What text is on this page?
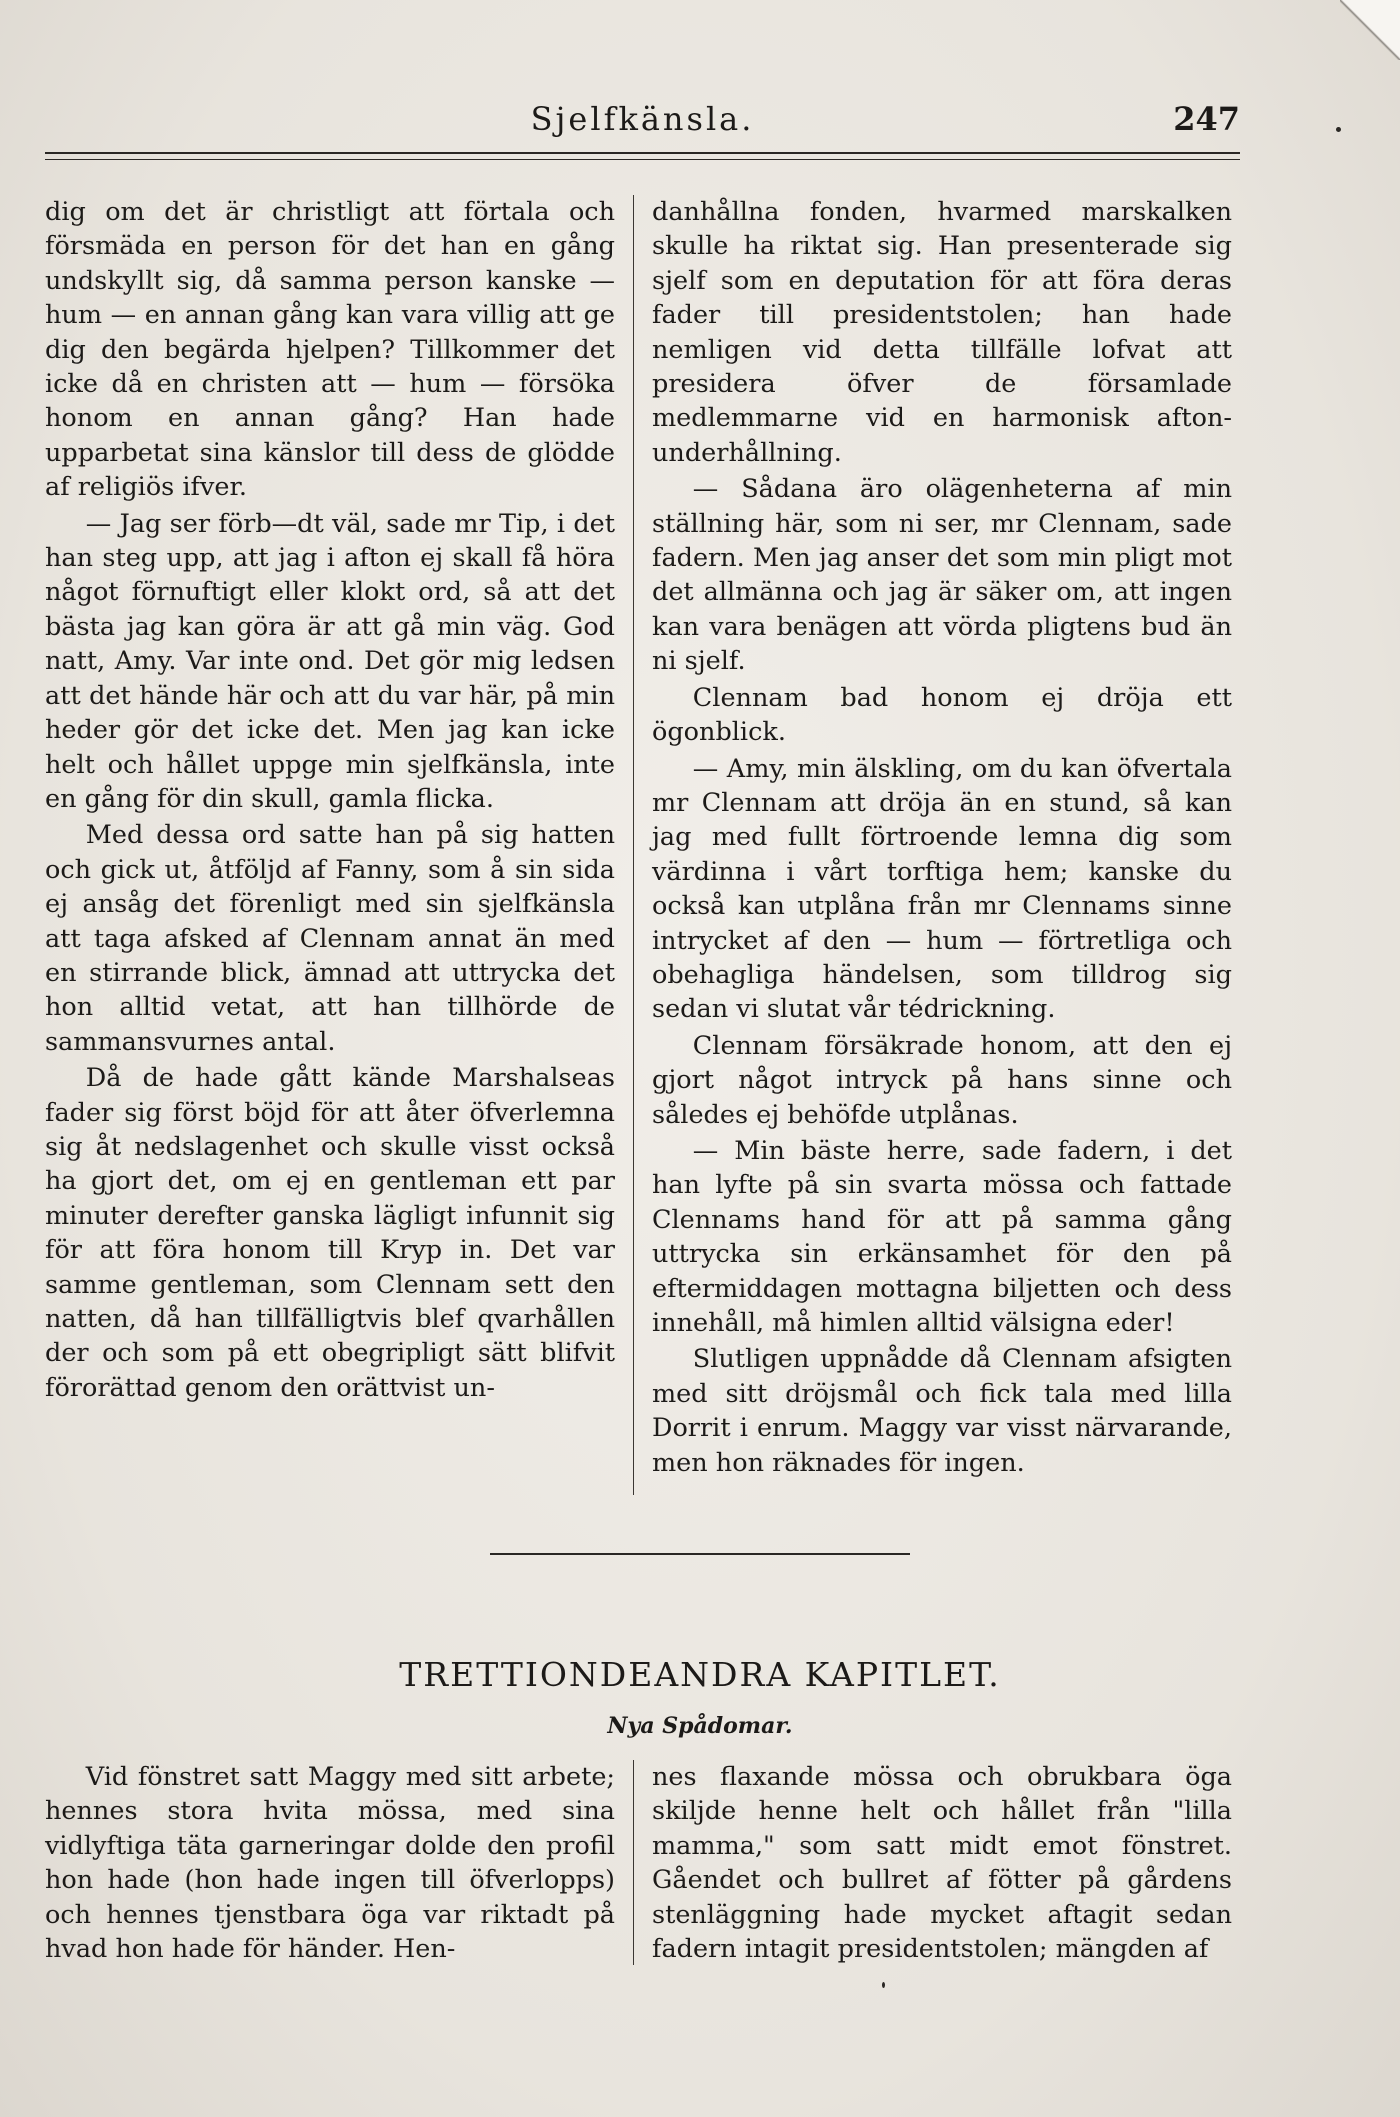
Sjelfkänsla.	247

dig om det är christligt att förtala och försmäda en person för det han en gång undskyllt sig, då samma person kanske — hum — en annan gång kan vara villig att ge dig den begärda hjelpen? Tillkommer det icke då en christen att — hum — försöka honom en annan gång? Han hade upparbetat sina känslor till dess de glödde af religiös ifver.

— Jag ser förb—dt väl, sade mr Tip, i det han steg upp, att jag i afton ej skall få höra något förnuftigt eller klokt ord, så att det bästa jag kan göra är att gå min väg. God natt, Amy. Var inte ond. Det gör mig ledsen att det hände här och att du var här, på min heder gör det icke det. Men jag kan icke helt och hållet uppge min sjelfkänsla, inte en gång för din skull, gamla flicka.

Med dessa ord satte han på sig hatten och gick ut, åtföljd af Fanny, som å sin sida ej ansåg det förenligt med sin sjelfkänsla att taga afsked af Clennam annat än med en stirrande blick, ämnad att uttrycka det hon alltid vetat, att han tillhörde de sammansvurnes antal.

Då de hade gått kände Marshalseas fader sig först böjd för att åter öfverlemna sig åt nedslagenhet och skulle visst också ha gjort det, om ej en gentleman ett par minuter derefter ganska lägligt infunnit sig för att föra honom till Kryp in. Det var samme gentleman, som Clennam sett den natten, då han tillfälligtvis blef qvarhållen der och som på ett obegripligt sätt blifvit förorättad genom den orättvist un-

danhållna fonden, hvarmed marskalken skulle ha riktat sig. Han presenterade sig sjelf som en deputation för att föra deras fader till presidentstolen; han hade nemligen vid detta tillfälle lofvat att presidera öfver de församlade medlemmarne vid en harmonisk afton-underhållning.

— Sådana äro olägenheterna af min ställning här, som ni ser, mr Clennam, sade fadern. Men jag anser det som min pligt mot det allmänna och jag är säker om, att ingen kan vara benägen att vörda pligtens bud än ni sjelf.

Clennam bad honom ej dröja ett ögonblick.

— Amy, min älskling, om du kan öfvertala mr Clennam att dröja än en stund, så kan jag med fullt förtroende lemna dig som värdinna i vårt torftiga hem; kanske du också kan utplåna från mr Clennams sinne intrycket af den — hum — förtretliga och obehagliga händelsen, som tilldrog sig sedan vi slutat vår tédrickning.

Clennam försäkrade honom, att den ej gjort något intryck på hans sinne och således ej behöfde utplånas.

— Min bäste herre, sade fadern, i det han lyfte på sin svarta mössa och fattade Clennams hand för att på samma gång uttrycka sin erkänsamhet för den på eftermiddagen mottagna biljetten och dess innehåll, må himlen alltid välsigna eder!

Slutligen uppnådde då Clennam afsigten med sitt dröjsmål och fick tala med lilla Dorrit i enrum. Maggy var visst närvarande, men hon räknades för ingen.

TRETTIONDEANDRA KAPITLET.
Nya Spådomar.

Vid fönstret satt Maggy med sitt arbete; hennes stora hvita mössa, med sina vidlyftiga täta garneringar dolde den profil hon hade (hon hade ingen till öfverlopps) och hennes tjenstbara öga var riktadt på hvad hon hade för händer. Hen-

nes flaxande mössa och obrukbara öga skiljde henne helt och hållet från "lilla mamma," som satt midt emot fönstret. Gåendet och bullret af fötter på gårdens stenläggning hade mycket aftagit sedan fadern intagit presidentstolen; mängden af
